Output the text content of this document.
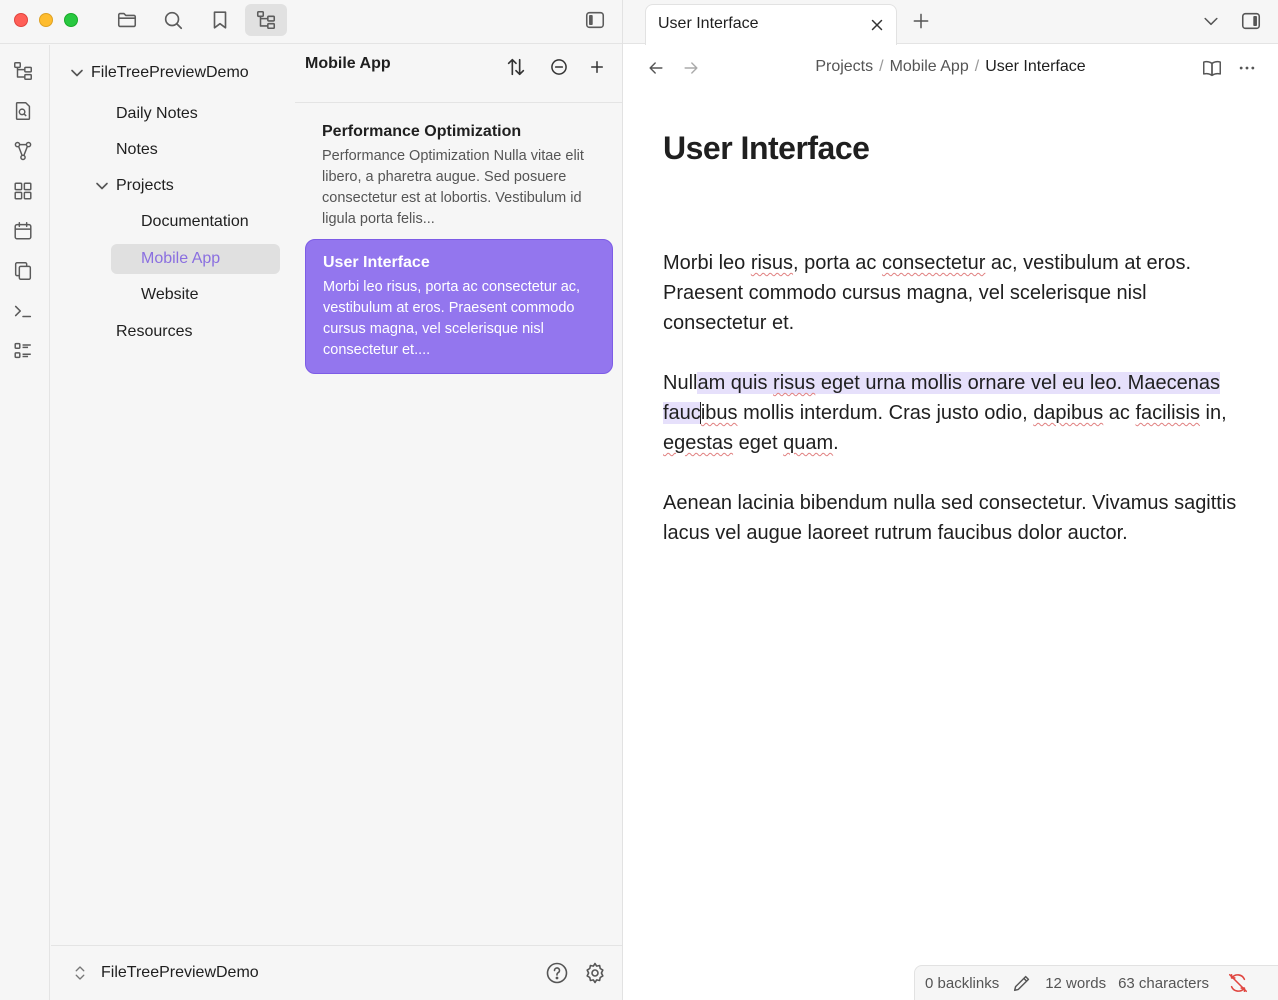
FileTreePreviewDemo
Daily Notes
Notes
Projects
Documentation
Mobile App
Website
Resources
Mobile App
Performance Optimization
Performance Optimization Nulla vitae elit libero, a pharetra augue. Sed posuere consectetur est at lobortis. Vestibulum id ligula porta felis...
User Interface
Morbi leo risus, porta ac consectetur ac, vestibulum at eros. Praesent commodo cursus magna, vel scelerisque nisl consectetur et....
FileTreePreviewDemo
User Interface
Projects / Mobile App / User Interface
User Interface
Morbi leo risus, porta ac consectetur ac, vestibulum at eros. Praesent commodo cursus magna, vel scelerisque nisl consectetur et.
Nullam quis risus eget urna mollis ornare vel eu leo. Maecenas faucibus mollis interdum. Cras justo odio, dapibus ac facilisis in, egestas eget quam.
Aenean lacinia bibendum nulla sed consectetur. Vivamus sagittis lacus vel augue laoreet rutrum faucibus dolor auctor.
0 backlinks	12 words 63 characters
